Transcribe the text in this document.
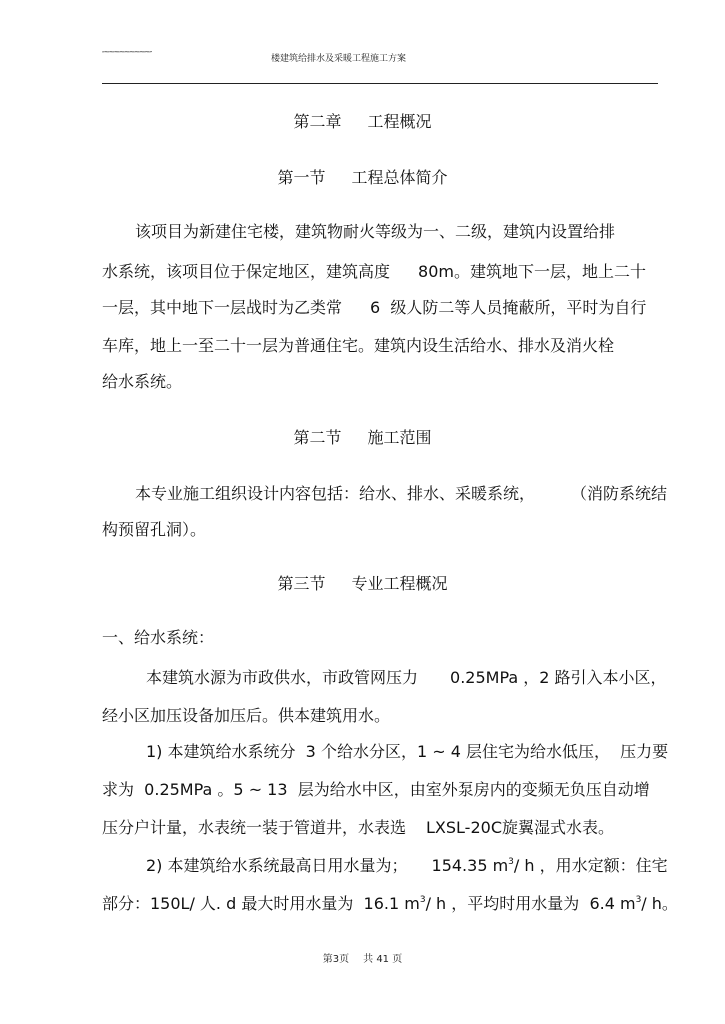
″″″″″″″″″″″″″″″″″″″″	楼建筑给排水及采暖工程施工方案
第二章 工程概况
第一节 工程总体简介
该项目为新建住宅楼，建筑物耐火等级为一、二级，建筑内设置给排
水系统，该项目位于保定地区，建筑高度 80m。建筑地下一层，地上二十
一层，其中地下一层战时为乙类常 6  级人防二等人员掩蔽所，平时为自行
车库，地上一至二十一层为普通住宅。建筑内设生活给水、排水及消火栓
给水系统。
第二节 施工范围
本专业施工组织设计内容包括：给水、排水、采暖系统， （消防系统结
构预留孔洞）。
第三节 专业工程概况
一、给水系统：
本建筑水源为市政供水，市政管网压力 0.25MPa ，2 路引入本小区，
经小区加压设备加压后。供本建筑用水。
1) 本建筑给水系统分  3 个给水分区，1 ~ 4 层住宅为给水低压，  压力要
求为  0.25MPa 。5 ~ 13  层为给水中区，由室外泵房内的变频无负压自动增
压分户计量，水表统一装于管道井，水表选 LXSL-20C旋翼湿式水表。
2) 本建筑给水系统最高日用水量为； 154.35 $m^3/$ h ，用水定额：住宅
部分：150L/ 人. d 最大时用水量为  16.1 $m^3/$ h ，平均时用水量为  6.4 $m^3/$ h。
第3页 共 41 页
